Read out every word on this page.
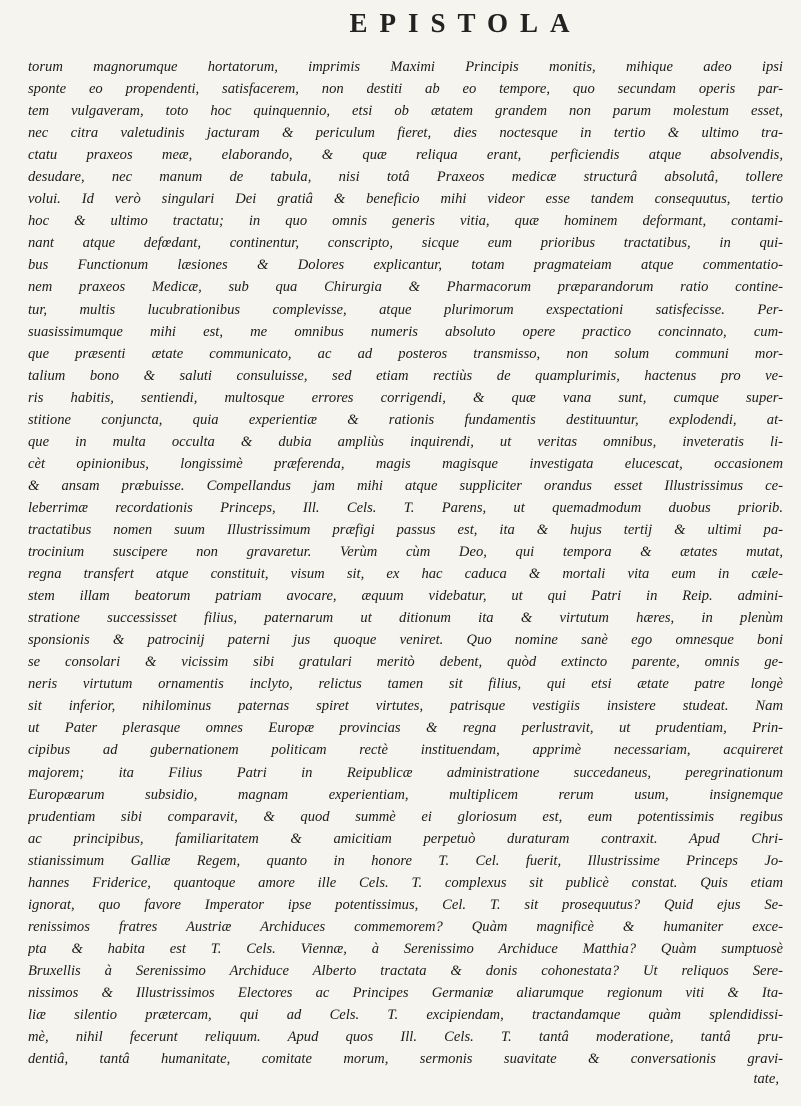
EPISTOLA
torum magnorumque hortatorum, imprimis Maximi Principis monitis, mihique adeo ipsi
sponte eo propendenti, satisfacerem, non destiti ab eo tempore, quo secundam operis par-
tem vulgaveram, toto hoc quinquennio, etsi ob ætatem grandem non parum molestum esset,
nec citra valetudinis jacturam & periculum fieret, dies noctesque in tertio & ultimo tra-
ctatu praxeos meæ, elaborando, & quæ reliqua erant, perficiendis atque absolvendis,
desudare, nec manum de tabula, nisi totâ Praxeos medicæ structurâ absolutâ, tollere
volui. Id verò singulari Dei gratiâ & beneficio mihi videor esse tandem consequutus, tertio
hoc & ultimo tractatu; in quo omnis generis vitia, quæ hominem deformant, contami-
nant atque defœdant, continentur, conscripto, sicque eum prioribus tractatibus, in qui-
bus Functionum læsiones & Dolores explicantur, totam pragmateiam atque commentatio-
nem praxeos Medicæ, sub qua Chirurgia & Pharmacorum præparandorum ratio contine-
tur, multis lucubrationibus complevisse, atque plurimorum exspectationi satisfecisse. Per-
suasissimumque mihi est, me omnibus numeris absoluto opere practico concinnato, cum-
que præsenti ætate communicato, ac ad posteros transmisso, non solum communi mor-
talium bono & saluti consuluisse, sed etiam rectiùs de quamplurimis, hactenus pro ve-
ris habitis, sentiendi, multosque errores corrigendi, & quæ vana sunt, cumque super-
stitione conjuncta, quia experientiæ & rationis fundamentis destituuntur, explodendi, at-
que in multa occulta & dubia ampliùs inquirendi, ut veritas omnibus, inveteratis li-
cèt opinionibus, longissimè præferenda, magis magisque investigata elucescat, occasionem
& ansam præbuisse. Compellandus jam mihi atque suppliciter orandus esset Illustrissimus ce-
leberrimæ recordationis Princeps, Ill. Cels. T. Parens, ut quemadmodum duobus priorib.
tractatibus nomen suum Illustrissimum præfigi passus est, ita & hujus tertij & ultimi pa-
trocinium suscipere non gravaretur. Verùm cùm Deo, qui tempora & ætates mutat,
regna transfert atque constituit, visum sit, ex hac caduca & mortali vita eum in cæle-
stem illam beatorum patriam avocare, æquum videbatur, ut qui Patri in Reip. admini-
stratione successisset filius, paternarum ut ditionum ita & virtutum hæres, in plenùm
sponsionis & patrocinij paterni jus quoque veniret. Quo nomine sanè ego omnesque boni
se consolari & vicissim sibi gratulari meritò debent, quòd extincto parente, omnis ge-
neris virtutum ornamentis inclyto, relictus tamen sit filius, qui etsi ætate patre longè
sit inferior, nihilominus paternas spiret virtutes, patrisque vestigiis insistere studeat. Nam
ut Pater plerasque omnes Europæ provincias & regna perlustravit, ut prudentiam, Prin-
cipibus ad gubernationem politicam rectè instituendam, apprimè necessariam, acquireret
majorem; ita Filius Patri in Reipublicæ administratione succedaneus, peregrinationum
Europæarum subsidio, magnam experientiam, multiplicem rerum usum, insignemque
prudentiam sibi comparavit, & quod summè ei gloriosum est, eum potentissimis regibus
ac principibus, familiaritatem & amicitiam perpetuò duraturam contraxit. Apud Chri-
stianissimum Galliæ Regem, quanto in honore T. Cel. fuerit, Illustrissime Princeps Jo-
hannes Friderice, quantoque amore ille Cels. T. complexus sit publicè constat. Quis etiam
ignorat, quo favore Imperator ipse potentissimus, Cel. T. sit prosequutus? Quid ejus Se-
renissimos fratres Austriæ Archiduces commemorem? Quàm magnificè & humaniter exce-
pta & habita est T. Cels. Viennæ, à Serenissimo Archiduce Matthia? Quàm sumptuosè
Bruxellis à Serenissimo Archiduce Alberto tractata & donis cohonestata? Ut reliquos Sere-
nissimos & Illustrissimos Electores ac Principes Germaniæ aliarumque regionum viti & Ita-
liæ silentio prætercam, qui ad Cels. T. excipiendam, tractandamque quàm splendidissi-
mè, nihil fecerunt reliquum. Apud quos Ill. Cels. T. tantâ moderatione, tantâ pru-
dentiâ, tantâ humanitate, comitate morum, sermonis suavitate & conversationis gravi-
tate,
